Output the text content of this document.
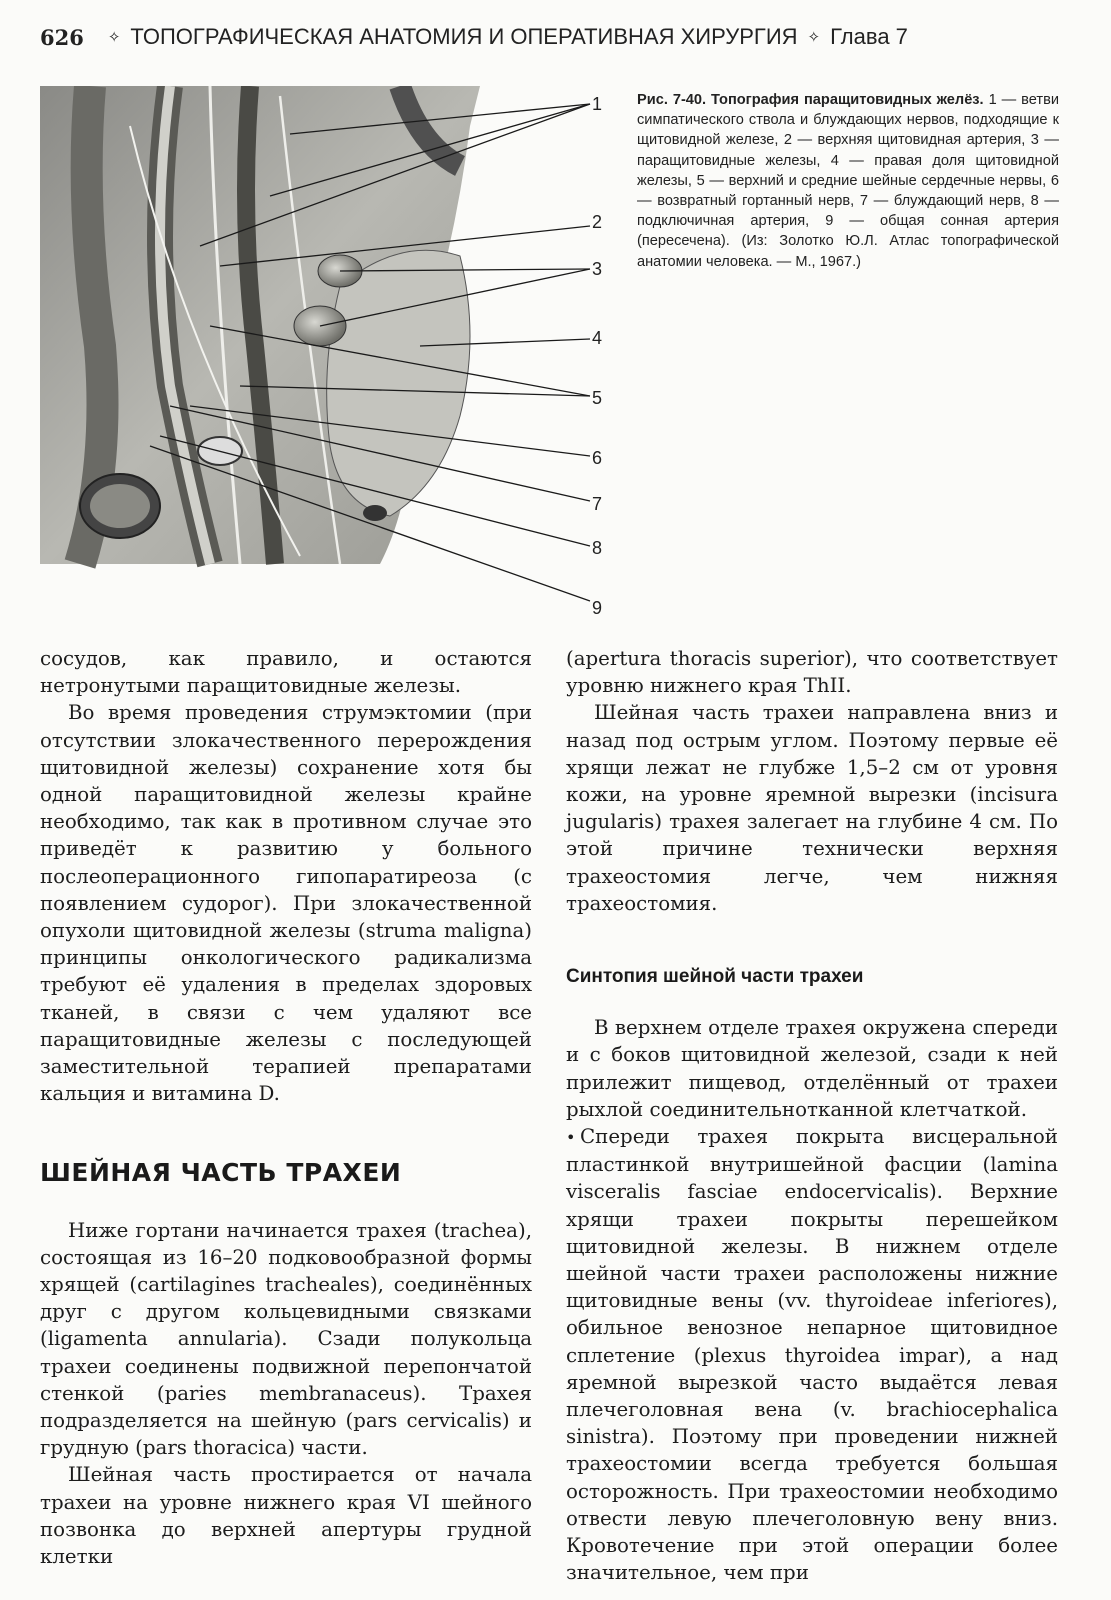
626 ✧ ТОПОГРАФИЧЕСКАЯ АНАТОМИЯ И ОПЕРАТИВНАЯ ХИРУРГИЯ ✧ Глава 7
1
2
3
4
5
6
7
8
9
Рис. 7-40. Топография паращитовидных желёз. 1 — ветви симпатического ствола и блуждающих нервов, подходящие к щитовидной железе, 2 — верхняя щитовидная артерия, 3 — паращитовидные железы, 4 — правая доля щитовидной железы, 5 — верхний и средние шейные сердечные нервы, 6 — возвратный гортанный нерв, 7 — блуждающий нерв, 8 — подключичная артерия, 9 — общая сонная артерия (пересечена). (Из: Золотко Ю.Л. Атлас топографической анатомии человека. — М., 1967.)

сосудов, как правило, и остаются нетронутыми паращитовидные железы.

Во время проведения струмэктомии (при отсутствии злокачественного перерождения щитовидной железы) сохранение хотя бы одной паращитовидной железы крайне необходимо, так как в противном случае это приведёт к развитию у больного послеоперационного гипопаратиреоза (с появлением судорог). При злокачественной опухоли щитовидной железы (struma maligna) принципы онкологического радикализма требуют её удаления в пределах здоровых тканей, в связи с чем удаляют все паращитовидные железы с последующей заместительной терапией препаратами кальция и витамина D.

ШЕЙНАЯ ЧАСТЬ ТРАХЕИ

Ниже гортани начинается трахея (trachea), состоящая из 16–20 подковообразной формы хрящей (cartilagines tracheales), соединённых друг с другом кольцевидными связками (ligamenta annularia). Сзади полукольца трахеи соединены подвижной перепончатой стенкой (paries membranaceus). Трахея подразделяется на шейную (pars cervicalis) и грудную (pars thoracica) части.

Шейная часть простирается от начала трахеи на уровне нижнего края VI шейного позвонка до верхней апертуры грудной клетки

(apertura thoracis superior), что соответствует уровню нижнего края ThII.

Шейная часть трахеи направлена вниз и назад под острым углом. Поэтому первые её хрящи лежат не глубже 1,5–2 см от уровня кожи, на уровне яремной вырезки (incisura jugularis) трахея залегает на глубине 4 см. По этой причине технически верхняя трахеостомия легче, чем нижняя трахеостомия.

Синтопия шейной части трахеи

В верхнем отделе трахея окружена спереди и с боков щитовидной железой, сзади к ней прилежит пищевод, отделённый от трахеи рыхлой соединительнотканной клетчаткой.

• Спереди трахея покрыта висцеральной пластинкой внутришейной фасции (lamina visceralis fasciae endocervicalis). Верхние хрящи трахеи покрыты перешейком щитовидной железы. В нижнем отделе шейной части трахеи расположены нижние щитовидные вены (vv. thyroideae inferiores), обильное венозное непарное щитовидное сплетение (plexus thyroidea impar), а над яремной вырезкой часто выдаётся левая плечеголовная вена (v. brachiocephalica sinistra). Поэтому при проведении нижней трахеостомии всегда требуется большая осторожность. При трахеостомии необходимо отвести левую плечеголовную вену вниз. Кровотечение при этой операции более значительное, чем при
